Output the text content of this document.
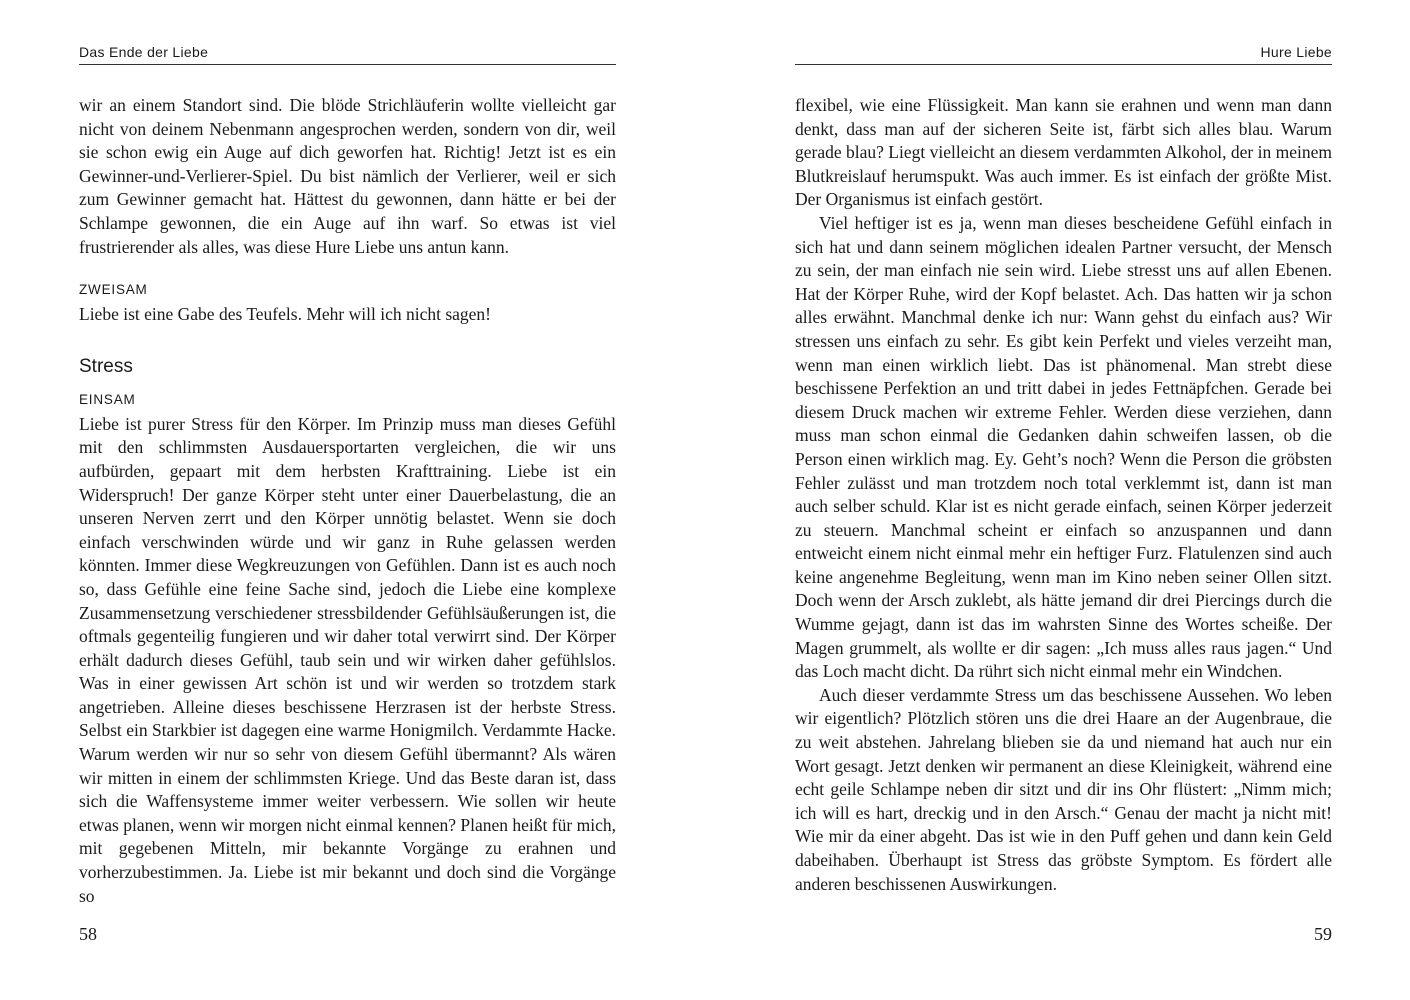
Das Ende der Liebe

wir an einem Standort sind. Die blöde Strichläuferin wollte vielleicht gar nicht von deinem Nebenmann angesprochen werden, sondern von dir, weil sie schon ewig ein Auge auf dich geworfen hat. Richtig! Jetzt ist es ein Gewinner-und-Verlierer-Spiel. Du bist nämlich der Verlierer, weil er sich zum Gewinner gemacht hat. Hättest du gewonnen, dann hätte er bei der Schlampe gewonnen, die ein Auge auf ihn warf. So etwas ist viel frustrierender als alles, was diese Hure Liebe uns antun kann.

ZWEISAM

Liebe ist eine Gabe des Teufels. Mehr will ich nicht sagen!

Stress
EINSAM

Liebe ist purer Stress für den Körper. Im Prinzip muss man dieses Gefühl mit den schlimmsten Ausdauersportarten vergleichen, die wir uns aufbürden, gepaart mit dem herbsten Krafttraining. Liebe ist ein Widerspruch! Der ganze Körper steht unter einer Dauerbelastung, die an unseren Nerven zerrt und den Körper unnötig belastet. Wenn sie doch einfach verschwinden würde und wir ganz in Ruhe gelassen werden könnten. Immer diese Wegkreuzungen von Gefühlen. Dann ist es auch noch so, dass Gefühle eine feine Sache sind, jedoch die Liebe eine komplexe Zusammensetzung verschiedener stressbildender Gefühlsäußerungen ist, die oftmals gegenteilig fungieren und wir daher total verwirrt sind. Der Körper erhält dadurch dieses Gefühl, taub sein und wir wirken daher gefühlslos. Was in einer gewissen Art schön ist und wir werden so trotzdem stark angetrieben. Alleine dieses beschissene Herzrasen ist der herbste Stress. Selbst ein Starkbier ist dagegen eine warme Honigmilch. Verdammte Hacke. Warum werden wir nur so sehr von diesem Gefühl übermannt? Als wären wir mitten in einem der schlimmsten Kriege. Und das Beste daran ist, dass sich die Waffensysteme immer weiter verbessern. Wie sollen wir heute etwas planen, wenn wir morgen nicht einmal kennen? Planen heißt für mich, mit gegebenen Mitteln, mir bekannte Vorgänge zu erahnen und vorherzubestimmen. Ja. Liebe ist mir bekannt und doch sind die Vorgänge so

58
Hure Liebe

flexibel, wie eine Flüssigkeit. Man kann sie erahnen und wenn man dann denkt, dass man auf der sicheren Seite ist, färbt sich alles blau. Warum gerade blau? Liegt vielleicht an diesem verdammten Alkohol, der in meinem Blutkreislauf herumspukt. Was auch immer. Es ist einfach der größte Mist. Der Organismus ist einfach gestört.

Viel heftiger ist es ja, wenn man dieses bescheidene Gefühl einfach in sich hat und dann seinem möglichen idealen Partner versucht, der Mensch zu sein, der man einfach nie sein wird. Liebe stresst uns auf allen Ebenen. Hat der Körper Ruhe, wird der Kopf belastet. Ach. Das hatten wir ja schon alles erwähnt. Manchmal denke ich nur: Wann gehst du einfach aus? Wir stressen uns einfach zu sehr. Es gibt kein Perfekt und vieles verzeiht man, wenn man einen wirklich liebt. Das ist phänomenal. Man strebt diese beschissene Perfektion an und tritt dabei in jedes Fettnäpfchen. Gerade bei diesem Druck machen wir extreme Fehler. Werden diese verziehen, dann muss man schon einmal die Gedanken dahin schweifen lassen, ob die Person einen wirklich mag. Ey. Geht’s noch? Wenn die Person die gröbsten Fehler zulässt und man trotzdem noch total verklemmt ist, dann ist man auch selber schuld. Klar ist es nicht gerade einfach, seinen Körper jederzeit zu steuern. Manchmal scheint er einfach so anzuspannen und dann entweicht einem nicht einmal mehr ein heftiger Furz. Flatulenzen sind auch keine angenehme Begleitung, wenn man im Kino neben seiner Ollen sitzt. Doch wenn der Arsch zuklebt, als hätte jemand dir drei Piercings durch die Wumme gejagt, dann ist das im wahrsten Sinne des Wortes scheiße. Der Magen grummelt, als wollte er dir sagen: „Ich muss alles raus jagen.“ Und das Loch macht dicht. Da rührt sich nicht einmal mehr ein Windchen.

Auch dieser verdammte Stress um das beschissene Aussehen. Wo leben wir eigentlich? Plötzlich stören uns die drei Haare an der Augenbraue, die zu weit abstehen. Jahrelang blieben sie da und niemand hat auch nur ein Wort gesagt. Jetzt denken wir permanent an diese Kleinigkeit, während eine echt geile Schlampe neben dir sitzt und dir ins Ohr flüstert: „Nimm mich; ich will es hart, dreckig und in den Arsch.“ Genau der macht ja nicht mit! Wie mir da einer abgeht. Das ist wie in den Puff gehen und dann kein Geld dabeihaben. Überhaupt ist Stress das gröbste Symptom. Es fördert alle anderen beschissenen Auswirkungen.

59
